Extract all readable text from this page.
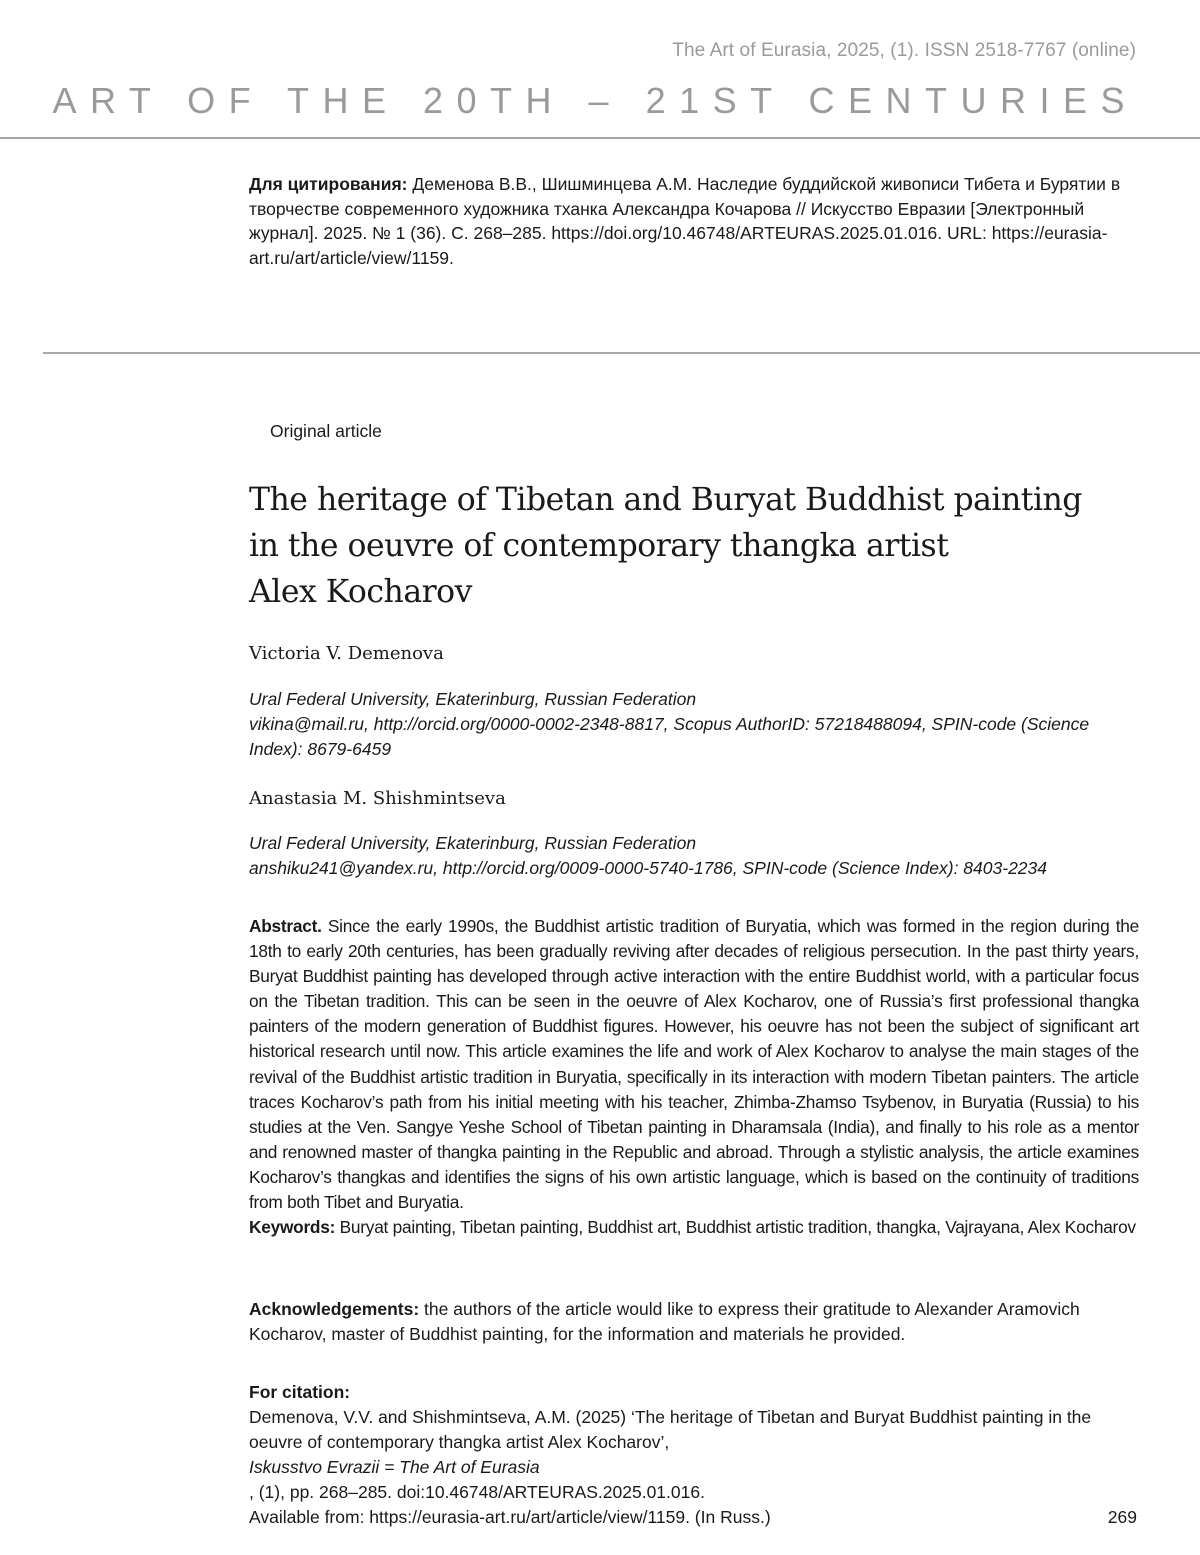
The Art of Eurasia, 2025, (1). ISSN 2518-7767 (online)
ART OF THE 20TH – 21ST CENTURIES
Для цитирования: Деменова В.В., Шишминцева А.М. Наследие буддийской живописи Тибета и Бурятии в творчестве современного художника тханка Александра Кочарова // Искусство Евразии [Электронный журнал]. 2025. № 1 (36). С. 268–285. https://doi.org/10.46748/ARTEURAS.2025.01.016. URL: https://eurasia-art.ru/art/article/view/1159.
Original article
The heritage of Tibetan and Buryat Buddhist painting
in the oeuvre of contemporary thangka artist
Alex Kocharov
Victoria V. Demenova
Ural Federal University, Ekaterinburg, Russian Federation
vikina@mail.ru, http://orcid.org/0000-0002-2348-8817, Scopus AuthorID: 57218488094, SPIN-code (Science Index): 8679-6459
Anastasia M. Shishmintseva
Ural Federal University, Ekaterinburg, Russian Federation
anshiku241@yandex.ru, http://orcid.org/0009-0000-5740-1786, SPIN-code (Science Index): 8403-2234
Abstract. Since the early 1990s, the Buddhist artistic tradition of Buryatia, which was formed in the region during the 18th to early 20th centuries, has been gradually reviving after decades of religious persecution. In the past thirty years, Buryat Buddhist painting has developed through active interaction with the entire Buddhist world, with a particular focus on the Tibetan tradition. This can be seen in the oeuvre of Alex Kocharov, one of Russia’s first professional thangka painters of the modern generation of Buddhist figures. However, his oeuvre has not been the subject of significant art historical research until now. This article examines the life and work of Alex Kocharov to analyse the main stages of the revival of the Buddhist artistic tradition in Buryatia, specifically in its interaction with modern Tibetan painters. The article traces Kocharov’s path from his initial meeting with his teacher, Zhimba-Zhamso Tsybenov, in Buryatia (Russia) to his studies at the Ven. Sangye Yeshe School of Tibetan painting in Dharamsala (India), and finally to his role as a mentor and renowned master of thangka painting in the Republic and abroad. Through a stylistic analysis, the article examines Kocharov’s thangkas and identifies the signs of his own artistic language, which is based on the continuity of traditions from both Tibet and Buryatia.
Keywords: Buryat painting, Tibetan painting, Buddhist art, Buddhist artistic tradition, thangka, Vajrayana, Alex Kocharov
Acknowledgements: the authors of the article would like to express their gratitude to Alexander Aramovich Kocharov, master of Buddhist painting, for the information and materials he provided.
For citation:
Demenova, V.V. and Shishmintseva, A.M. (2025) ‘The heritage of Tibetan and Buryat Buddhist painting in the oeuvre of contemporary thangka artist Alex Kocharov’,
Iskusstvo Evrazii = The Art of Eurasia
, (1), pp. 268–285. doi:10.46748/ARTEURAS.2025.01.016.
Available from: https://eurasia-art.ru/art/article/view/1159. (In Russ.)	269
